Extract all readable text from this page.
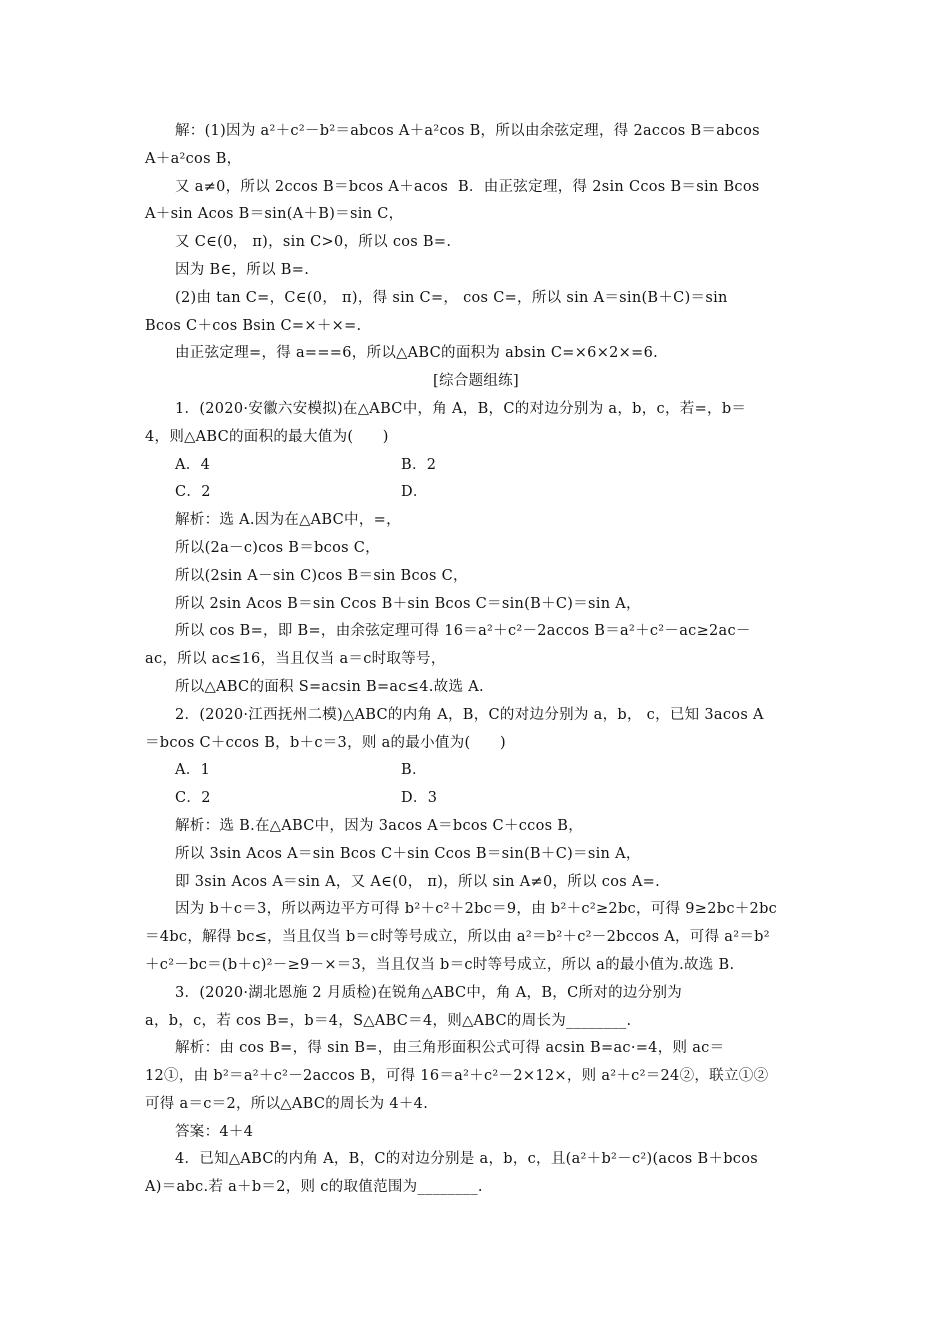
解：(1)因为 a²＋c²－b²＝abcos A＋a²cos B，所以由余弦定理，得 2accos B＝abcos
A＋a²cos B，
又 a≠0，所以 2ccos B＝bcos A＋acos  B．由正弦定理，得 2sin Ccos B＝sin Bcos
A＋sin Acos B＝sin(A＋B)＝sin C，
又 C∈(0， π)，sin C>0，所以 cos B=.
因为 B∈，所以 B=.
(2)由 tan C=，C∈(0， π)，得 sin C=， cos C=，所以 sin A＝sin(B＋C)＝sin
Bcos C＋cos Bsin C=×＋×=.
由正弦定理=，得 a===6，所以△ABC的面积为 absin C=×6×2×=6.
[综合题组练]
1．(2020·安徽六安模拟)在△ABC中，角 A，B，C的对边分别为 a，b，c，若=，b＝
4，则△ABC的面积的最大值为(      )
A．4	B．2
C．2	D．
解析：选 A.因为在△ABC中，=，
所以(2a－c)cos B＝bcos C，
所以(2sin A－sin C)cos B＝sin Bcos C，
所以 2sin Acos B＝sin Ccos B＋sin Bcos C＝sin(B＋C)＝sin A，
所以 cos B=，即 B=，由余弦定理可得 16＝a²＋c²－2accos B＝a²＋c²－ac≥2ac－
ac，所以 ac≤16，当且仅当 a＝c时取等号，
所以△ABC的面积 S=acsin B=ac≤4.故选 A.
2．(2020·江西抚州二模)△ABC的内角 A，B，C的对边分别为 a，b， c，已知 3acos A
＝bcos C＋ccos B，b＋c＝3，则 a的最小值为(      )
A．1	B．
C．2	D．3
解析：选 B.在△ABC中，因为 3acos A＝bcos C＋ccos B，
所以 3sin Acos A＝sin Bcos C＋sin Ccos B＝sin(B＋C)＝sin A，
即 3sin Acos A＝sin A，又 A∈(0， π)，所以 sin A≠0，所以 cos A=.
因为 b＋c＝3，所以两边平方可得 b²＋c²＋2bc＝9，由 b²＋c²≥2bc，可得 9≥2bc＋2bc
＝4bc，解得 bc≤，当且仅当 b＝c时等号成立，所以由 a²＝b²＋c²－2bccos A，可得 a²＝b²
＋c²－bc＝(b＋c)²－≥9－×＝3，当且仅当 b＝c时等号成立，所以 a的最小值为.故选 B.
3．(2020·湖北恩施 2 月质检)在锐角△ABC中，角 A，B，C所对的边分别为
a，b，c，若 cos B=，b＝4，S△ABC＝4，则△ABC的周长为________.
解析：由 cos B=，得 sin B=，由三角形面积公式可得 acsin B=ac·=4，则 ac＝
12①，由 b²＝a²＋c²－2accos B，可得 16＝a²＋c²－2×12×，则 a²＋c²＝24②，联立①②
可得 a＝c＝2，所以△ABC的周长为 4＋4.
答案：4＋4
4．已知△ABC的内角 A，B，C的对边分别是 a，b，c，且(a²＋b²－c²)(acos B＋bcos
A)＝abc.若 a＋b＝2，则 c的取值范围为________.
